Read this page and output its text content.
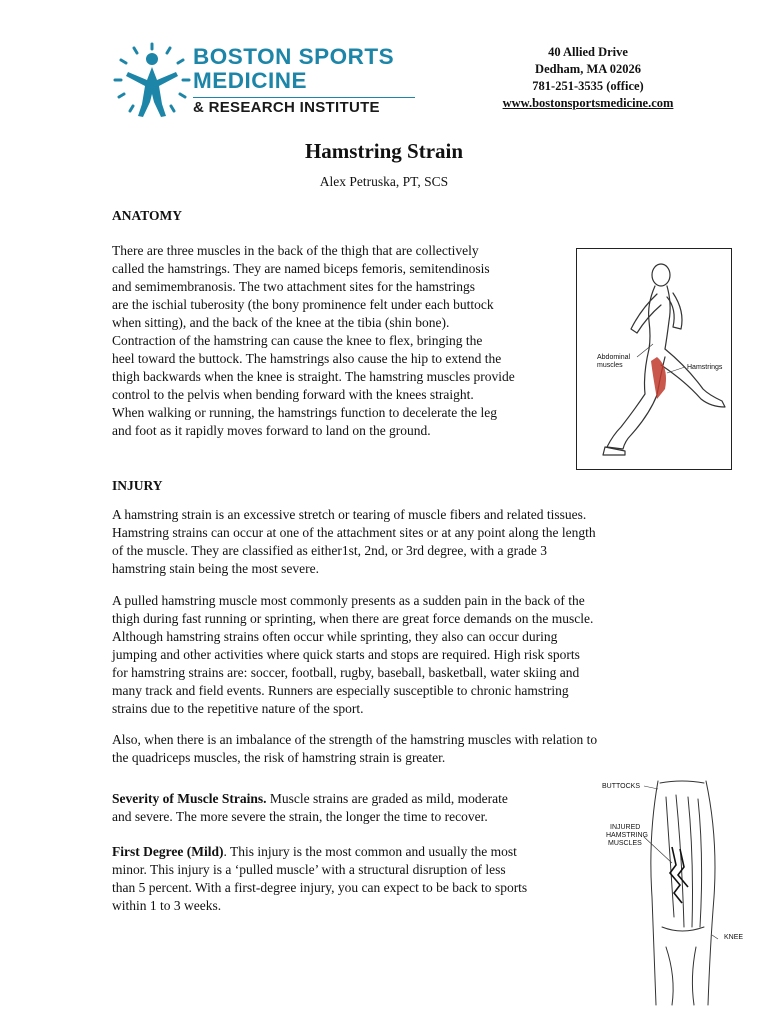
BOSTON SPORTS
MEDICINE
& RESEARCH INSTITUTE
40 Allied Drive
Dedham, MA 02026
781-251-3535 (office)
www.bostonsportsmedicine.com
Hamstring Strain
Alex Petruska, PT, SCS
ANATOMY
There are three muscles in the back of the thigh that are collectively
called the hamstrings. They are named biceps femoris, semitendinosis
and semimembranosis. The two attachment sites for the hamstrings
are the ischial tuberosity (the bony prominence felt under each buttock
when sitting), and the back of the knee at the tibia (shin bone).
Contraction of the hamstring can cause the knee to flex, bringing the
heel toward the buttock. The hamstrings also cause the hip to extend the
thigh backwards when the knee is straight. The hamstring muscles provide
control to the pelvis when bending forward with the knees straight.
When walking or running, the hamstrings function to decelerate the leg
and foot as it rapidly moves forward to land on the ground.
Abdominal muscles	Hamstrings
INJURY
A hamstring strain is an excessive stretch or tearing of muscle fibers and related tissues.
Hamstring strains can occur at one of the attachment sites or at any point along the length
of the muscle. They are classified as either1st, 2nd, or 3rd degree, with a grade 3
hamstring stain being the most severe.
A pulled hamstring muscle most commonly presents as a sudden pain in the back of the
thigh during fast running or sprinting, when there are great force demands on the muscle.
Although hamstring strains often occur while sprinting, they also can occur during
jumping and other activities where quick starts and stops are required. High risk sports
for hamstring strains are: soccer, football, rugby, baseball, basketball, water skiing and
many track and field events. Runners are especially susceptible to chronic hamstring
strains due to the repetitive nature of the sport.
Also, when there is an imbalance of the strength of the hamstring muscles with relation to
the quadriceps muscles, the risk of hamstring strain is greater.
Severity of Muscle Strains. Muscle strains are graded as mild, moderate
and severe. The more severe the strain, the longer the time to recover.
First Degree (Mild). This injury is the most common and usually the most
minor. This injury is a ‘pulled muscle’ with a structural disruption of less
than 5 percent. With a first-degree injury, you can expect to be back to sports
within 1 to 3 weeks.
BUTTOCKS
INJURED
HAMSTRING
MUSCLES
KNEE
